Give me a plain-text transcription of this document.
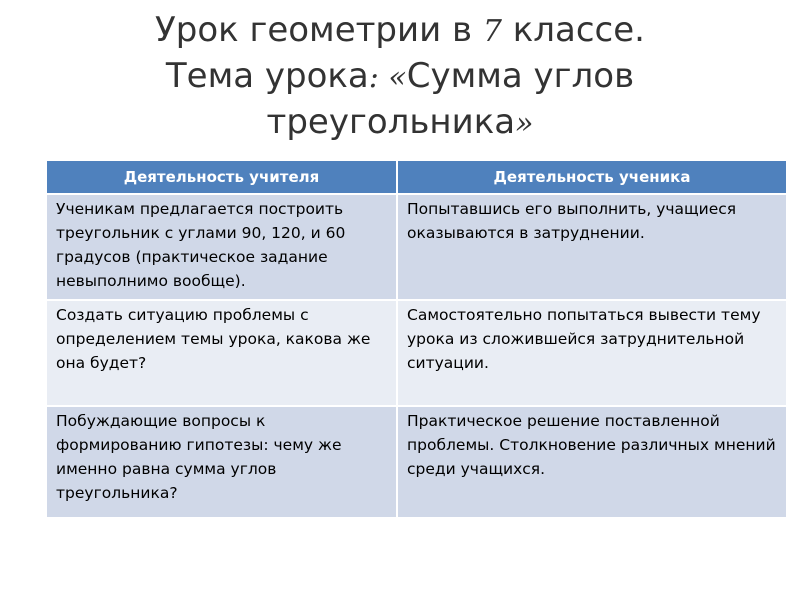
Урок геометрии в 7 классе.
Тема урока: «Сумма углов
треугольника»
Деятельность учителя	Деятельность ученика
Ученикам предлагается построить треугольник с углами 90, 120, и 60 градусов (практическое задание невыполнимо вообще).	Попытавшись его выполнить, учащиеся оказываются в затруднении.
Создать ситуацию проблемы с определением темы урока, какова же она будет?	Самостоятельно попытаться вывести тему урока из сложившейся затруднительной ситуации.
Побуждающие вопросы к формированию гипотезы: чему же именно равна сумма углов треугольника?	Практическое решение поставленной проблемы. Столкновение различных мнений среди учащихся.
